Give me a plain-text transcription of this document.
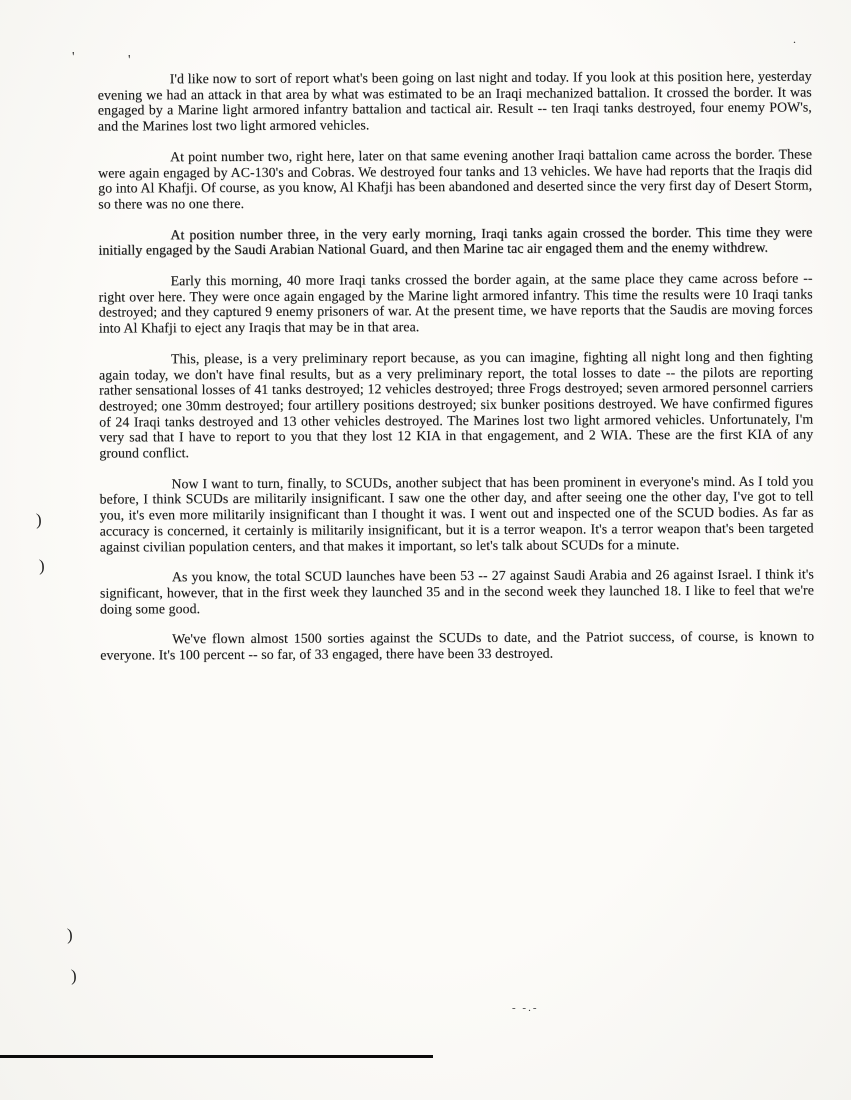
'	'
.

I'd like now to sort of report what's been going on last night and today. If you look at this position here, yesterday evening we had an attack in that area by what was estimated to be an Iraqi mechanized battalion. It crossed the border. It was engaged by a Marine light armored infantry battalion and tactical air. Result -- ten Iraqi tanks destroyed, four enemy POW's, and the Marines lost two light armored vehicles.

At point number two, right here, later on that same evening another Iraqi battalion came across the border. These were again engaged by AC-130's and Cobras. We destroyed four tanks and 13 vehicles. We have had reports that the Iraqis did go into Al Khafji. Of course, as you know, Al Khafji has been abandoned and deserted since the very first day of Desert Storm, so there was no one there.

At position number three, in the very early morning, Iraqi tanks again crossed the border. This time they were initially engaged by the Saudi Arabian National Guard, and then Marine tac air engaged them and the enemy withdrew.

Early this morning, 40 more Iraqi tanks crossed the border again, at the same place they came across before -- right over here. They were once again engaged by the Marine light armored infantry. This time the results were 10 Iraqi tanks destroyed; and they captured 9 enemy prisoners of war. At the present time, we have reports that the Saudis are moving forces into Al Khafji to eject any Iraqis that may be in that area.

This, please, is a very preliminary report because, as you can imagine, fighting all night long and then fighting again today, we don't have final results, but as a very preliminary report, the total losses to date -- the pilots are reporting rather sensational losses of 41 tanks destroyed; 12 vehicles destroyed; three Frogs destroyed; seven armored personnel carriers destroyed; one 30mm destroyed; four artillery positions destroyed; six bunker positions destroyed. We have confirmed figures of 24 Iraqi tanks destroyed and 13 other vehicles destroyed. The Marines lost two light armored vehicles. Unfortunately, I'm very sad that I have to report to you that they lost 12 KIA in that engagement, and 2 WIA. These are the first KIA of any ground conflict.

Now I want to turn, finally, to SCUDs, another subject that has been prominent in everyone's mind. As I told you before, I think SCUDs are militarily insignificant. I saw one the other day, and after seeing one the other day, I've got to tell you, it's even more militarily insignificant than I thought it was. I went out and inspected one of the SCUD bodies. As far as accuracy is concerned, it certainly is militarily insignificant, but it is a terror weapon. It's a terror weapon that's been targeted against civilian population centers, and that makes it important, so let's talk about SCUDs for a minute.

As you know, the total SCUD launches have been 53 -- 27 against Saudi Arabia and 26 against Israel. I think it's significant, however, that in the first week they launched 35 and in the second week they launched 18. I like to feel that we're doing some good.

We've flown almost 1500 sorties against the SCUDs to date, and the Patriot success, of course, is known to everyone. It's 100 percent -- so far, of 33 engaged, there have been 33 destroyed.

)
)
)
)
- -.-
